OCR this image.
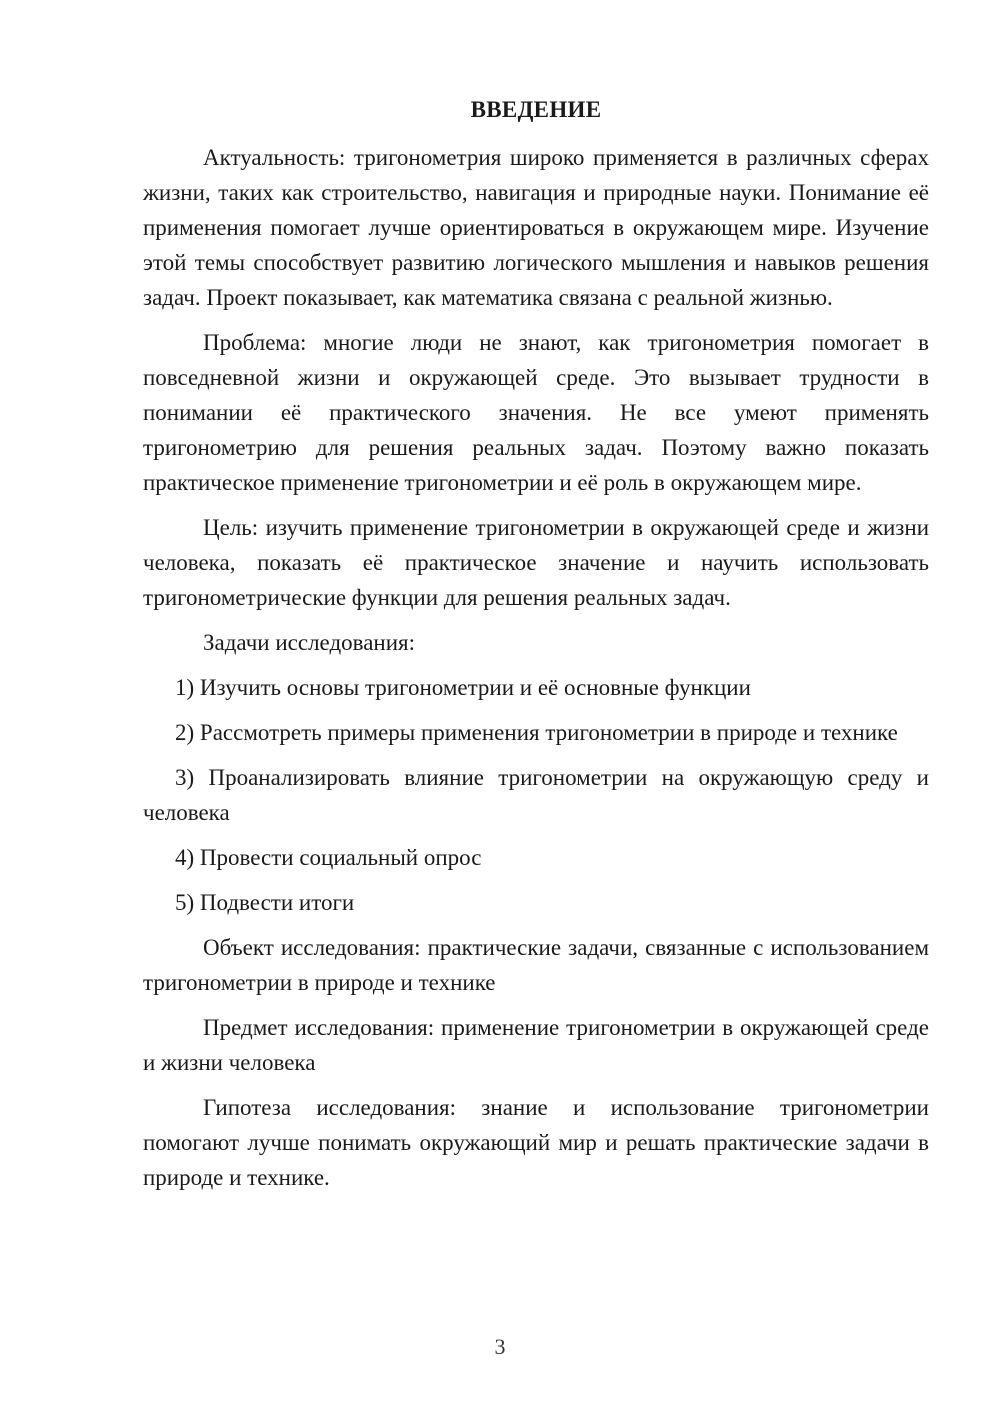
ВВЕДЕНИЕ

Актуальность: тригонометрия широко применяется в различных сферах жизни, таких как строительство, навигация и природные науки. Понимание её применения помогает лучше ориентироваться в окружающем мире. Изучение этой темы способствует развитию логического мышления и навыков решения задач. Проект показывает, как математика связана с реальной жизнью.

Проблема: многие люди не знают, как тригонометрия помогает в повседневной жизни и окружающей среде. Это вызывает трудности в понимании её практического значения. Не все умеют применять тригонометрию для решения реальных задач. Поэтому важно показать практическое применение тригонометрии и её роль в окружающем мире.

Цель: изучить применение тригонометрии в окружающей среде и жизни человека, показать её практическое значение и научить использовать тригонометрические функции для решения реальных задач.

Задачи исследования:

1) Изучить основы тригонометрии и её основные функции

2) Рассмотреть примеры применения тригонометрии в природе и технике

3) Проанализировать влияние тригонометрии на окружающую среду и человека

4) Провести социальный опрос

5) Подвести итоги

Объект исследования: практические задачи, связанные с использованием тригонометрии в природе и технике

Предмет исследования: применение тригонометрии в окружающей среде и жизни человека

Гипотеза исследования: знание и использование тригонометрии помогают лучше понимать окружающий мир и решать практические задачи в природе и технике.

3
